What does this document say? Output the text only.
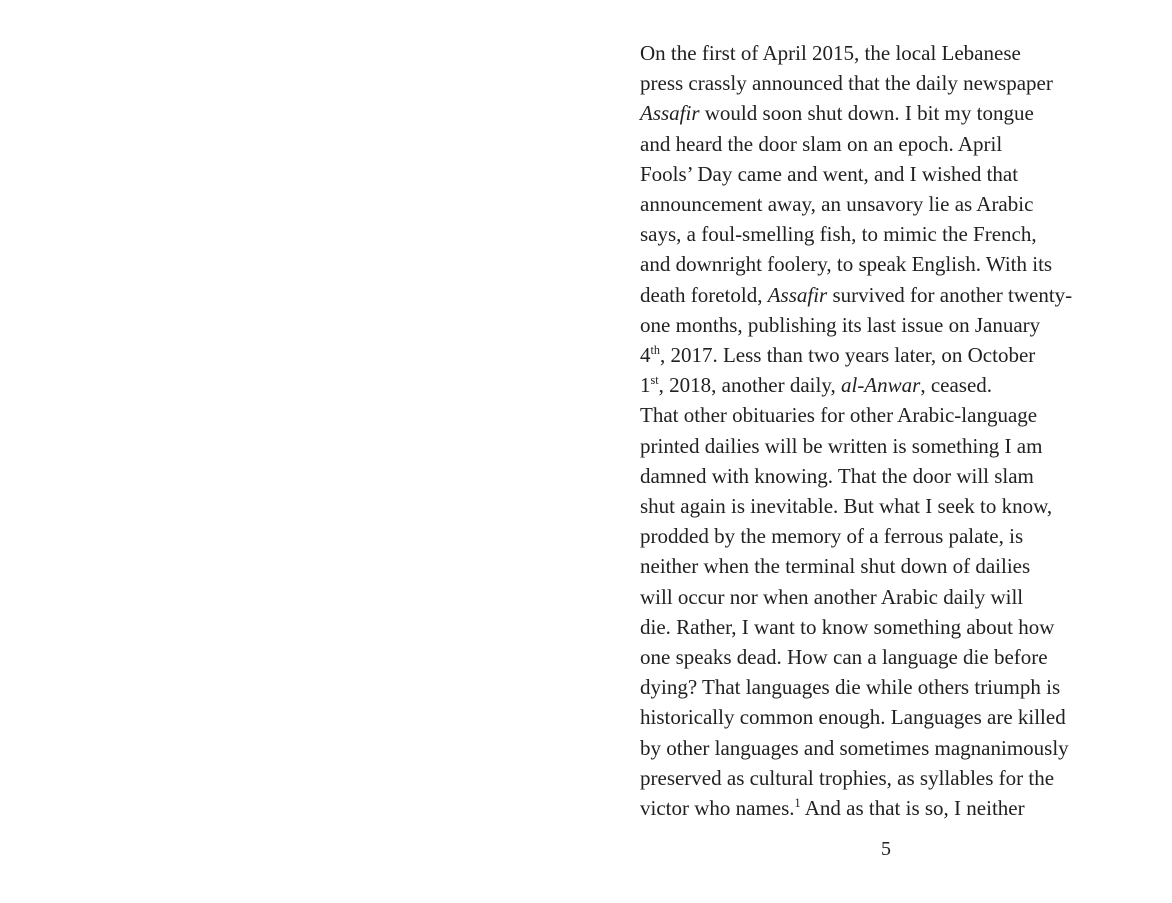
On the first of April 2015, the local Lebanese
press crassly announced that the daily newspaper
Assafir would soon shut down. I bit my tongue
and heard the door slam on an epoch. April
Fools’ Day came and went, and I wished that
announcement away, an unsavory lie as Arabic
says, a foul-smelling fish, to mimic the French,
and downright foolery, to speak English. With its
death foretold, Assafir survived for another twenty-
one months, publishing its last issue on January
4th, 2017. Less than two years later, on October
1st, 2018, another daily, al-Anwar, ceased.
That other obituaries for other Arabic-language
printed dailies will be written is something I am
damned with knowing. That the door will slam
shut again is inevitable. But what I seek to know,
prodded by the memory of a ferrous palate, is
neither when the terminal shut down of dailies
will occur nor when another Arabic daily will
die. Rather, I want to know something about how
one speaks dead. How can a language die before
dying? That languages die while others triumph is
historically common enough. Languages are killed
by other languages and sometimes magnanimously
preserved as cultural trophies, as syllables for the
victor who names.$^1$ And as that is so, I neither
5
